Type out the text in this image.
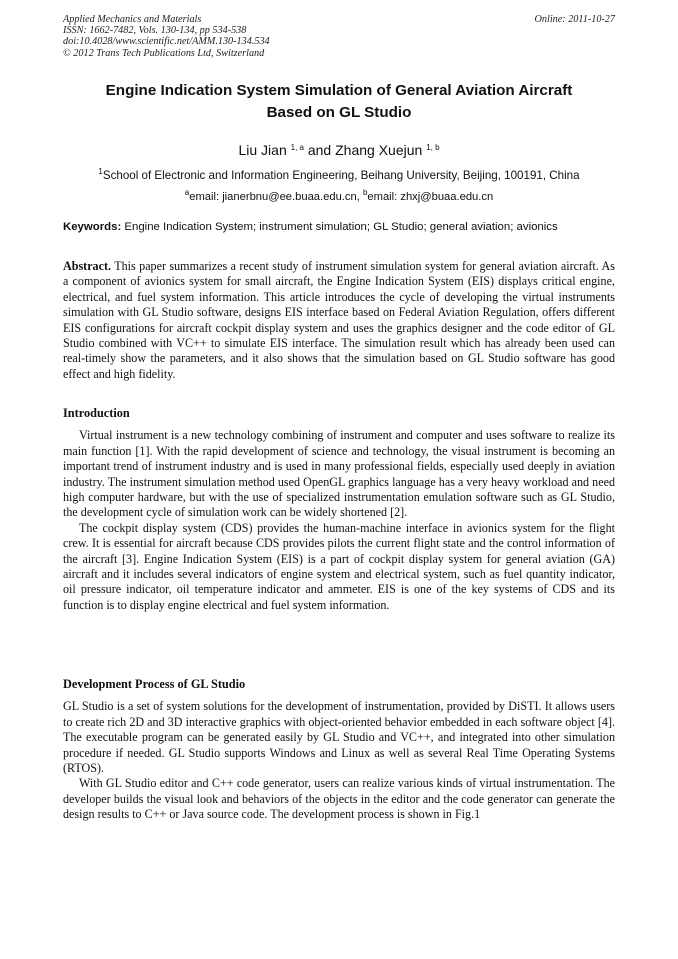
Applied Mechanics and Materials
ISSN: 1662-7482, Vols. 130-134, pp 534-538
doi:10.4028/www.scientific.net/AMM.130-134.534
© 2012 Trans Tech Publications Ltd, Switzerland
Online: 2011-10-27
Engine Indication System Simulation of General Aviation Aircraft
Based on GL Studio
Liu Jian $^{1, a}$ and Zhang Xuejun $^{1, b}$
$^1$School of Electronic and Information Engineering, Beihang University, Beijing, 100191, China
$^a$email: jianerbnu@ee.buaa.edu.cn, $^b$email: zhxj@buaa.edu.cn
Keywords: Engine Indication System; instrument simulation; GL Studio; general aviation; avionics

Abstract. This paper summarizes a recent study of instrument simulation system for general aviation aircraft. As a component of avionics system for small aircraft, the Engine Indication System (EIS) displays critical engine, electrical, and fuel system information. This article introduces the cycle of developing the virtual instruments simulation with GL Studio software, designs EIS interface based on Federal Aviation Regulation, offers different EIS configurations for aircraft cockpit display system and uses the graphics designer and the code editor of GL Studio combined with VC++ to simulate EIS interface. The simulation result which has already been used can real-timely show the parameters, and it also shows that the simulation based on GL Studio software has good effect and high fidelity.

Introduction

Virtual instrument is a new technology combining of instrument and computer and uses software to realize its main function [1]. With the rapid development of science and technology, the visual instrument is becoming an important trend of instrument industry and is used in many professional fields, especially used deeply in aviation industry. The instrument simulation method used OpenGL graphics language has a very heavy workload and need high computer hardware, but with the use of specialized instrumentation emulation software such as GL Studio, the development cycle of simulation work can be widely shortened [2].

The cockpit display system (CDS) provides the human-machine interface in avionics system for the flight crew. It is essential for aircraft because CDS provides pilots the current flight state and the control information of the aircraft [3]. Engine Indication System (EIS) is a part of cockpit display system for general aviation (GA) aircraft and it includes several indicators of engine system and electrical system, such as fuel quantity indicator, oil pressure indicator, oil temperature indicator and ammeter. EIS is one of the key systems of CDS and its function is to display engine electrical and fuel system information.

Development Process of GL Studio

GL Studio is a set of system solutions for the development of instrumentation, provided by DiSTI. It allows users to create rich 2D and 3D interactive graphics with object-oriented behavior embedded in each software object [4]. The executable program can be generated easily by GL Studio and VC++, and integrated into other simulation procedure if needed. GL Studio supports Windows and Linux as well as several Real Time Operating Systems (RTOS).

With GL Studio editor and C++ code generator, users can realize various kinds of virtual instrumentation. The developer builds the visual look and behaviors of the objects in the editor and the code generator can generate the design results to C++ or Java source code. The development process is shown in Fig.1
